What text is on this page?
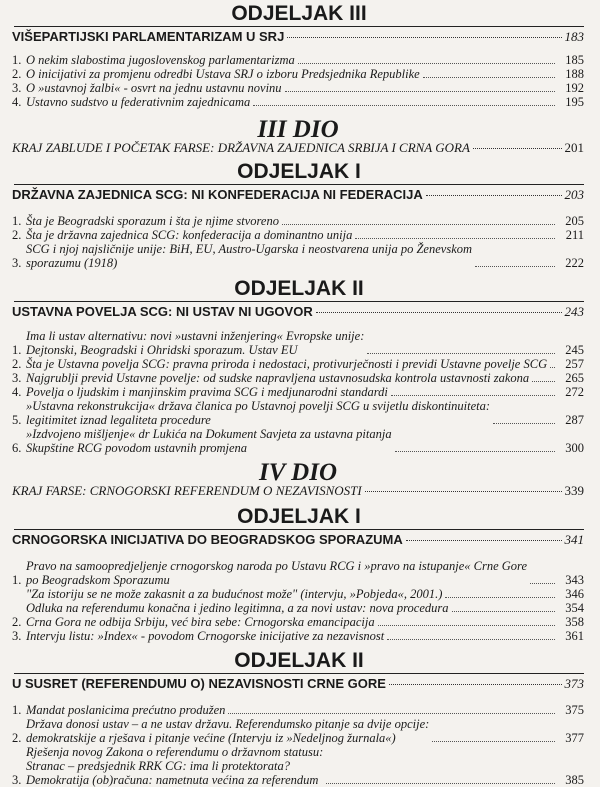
ODJELJAK III
VIŠEPARTIJSKI PARLAMENTARIZAM U SRJ	183
1. O nekim slabostima jugoslovenskog parlamentarizma	185
2. O inicijativi za promjenu odredbi Ustava SRJ o izboru Predsjednika Republike	188
3. O »ustavnoj žalbi« - osvrt na jednu ustavnu novinu	192
4. Ustavno sudstvo u federativnim zajednicama	195
III DIO
KRAJ ZABLUDE I POČETAK FARSE: DRŽAVNA ZAJEDNICA SRBIJA I CRNA GORA	201
ODJELJAK I
DRŽAVNA ZAJEDNICA SCG: NI KONFEDERACIJA NI FEDERACIJA	203
1. Šta je Beogradski sporazum i šta je njime stvoreno	205
2. Šta je državna zajednica SCG: konfederacija a dominantno unija	211
3.
SCG i njoj najsličnije unije: BiH, EU, Austro-Ugarska i neostvarena unija po Ženevskom
sporazumu (1918)	222
ODJELJAK II
USTAVNA POVELJA SCG: NI USTAV NI UGOVOR	243
1.
Ima li ustav alternativu: novi »ustavni inženjering« Evropske unije:
Dejtonski, Beogradski i Ohridski sporazum. Ustav EU	245
2. Šta je Ustavna povelja SCG: pravna priroda i nedostaci, protivurječnosti i previdi Ustavne povelje SCG	257
3. Najgrublji previd Ustavne povelje: od sudske napravljena ustavnosudska kontrola ustavnosti zakona	265
4. Povelja o ljudskim i manjinskim pravima SCG i medjunarodni standardi	272
5.
»Ustavna rekonstrukcija« država članica po Ustavnoj povelji SCG u svijetlu diskontinuiteta:
legitimitet iznad legaliteta procedure	287
6.
»Izdvojeno mišljenje« dr Lukića na Dokument Savjeta za ustavna pitanja
Skupštine RCG povodom ustavnih promjena	300
IV DIO
KRAJ FARSE: CRNOGORSKI REFERENDUM O NEZAVISNOSTI	339
ODJELJAK I
CRNOGORSKA INICIJATIVA DO BEOGRADSKOG SPORAZUMA	341
1.
Pravo na samoopredjeljenje crnogorskog naroda po Ustavu RCG i »pravo na istupanje« Crne Gore
po Beogradskom Sporazumu	343
"Za istoriju se ne može zakasnit a za budućnost može" (intervju, »Pobjeda«, 2001.)	346
Odluka na referendumu konačna i jedino legitimna, a za novi ustav: nova procedura	354
2. Crna Gora ne odbija Srbiju, već bira sebe: Crnogorska emancipacija	358
3. Intervju listu: »Index« - povodom Crnogorske inicijative za nezavisnost	361
ODJELJAK II
U SUSRET (REFERENDUMU O) NEZAVISNOSTI CRNE GORE	373
1. Mandat poslanicima prećutno produžen	375
2.
Država donosi ustav – a ne ustav državu. Referendumsko pitanje sa dvije opcije:
demokratskije a rješava i pitanje većine (Intervju iz »Nedeljnog žurnala«)	377
3.
Rješenja novog Zakona o referendumu o državnom statusu:
Stranac – predsjednik RRK CG: ima li protektorata?
Demokratija (ob)računa: nametnuta većina za referendum	385
